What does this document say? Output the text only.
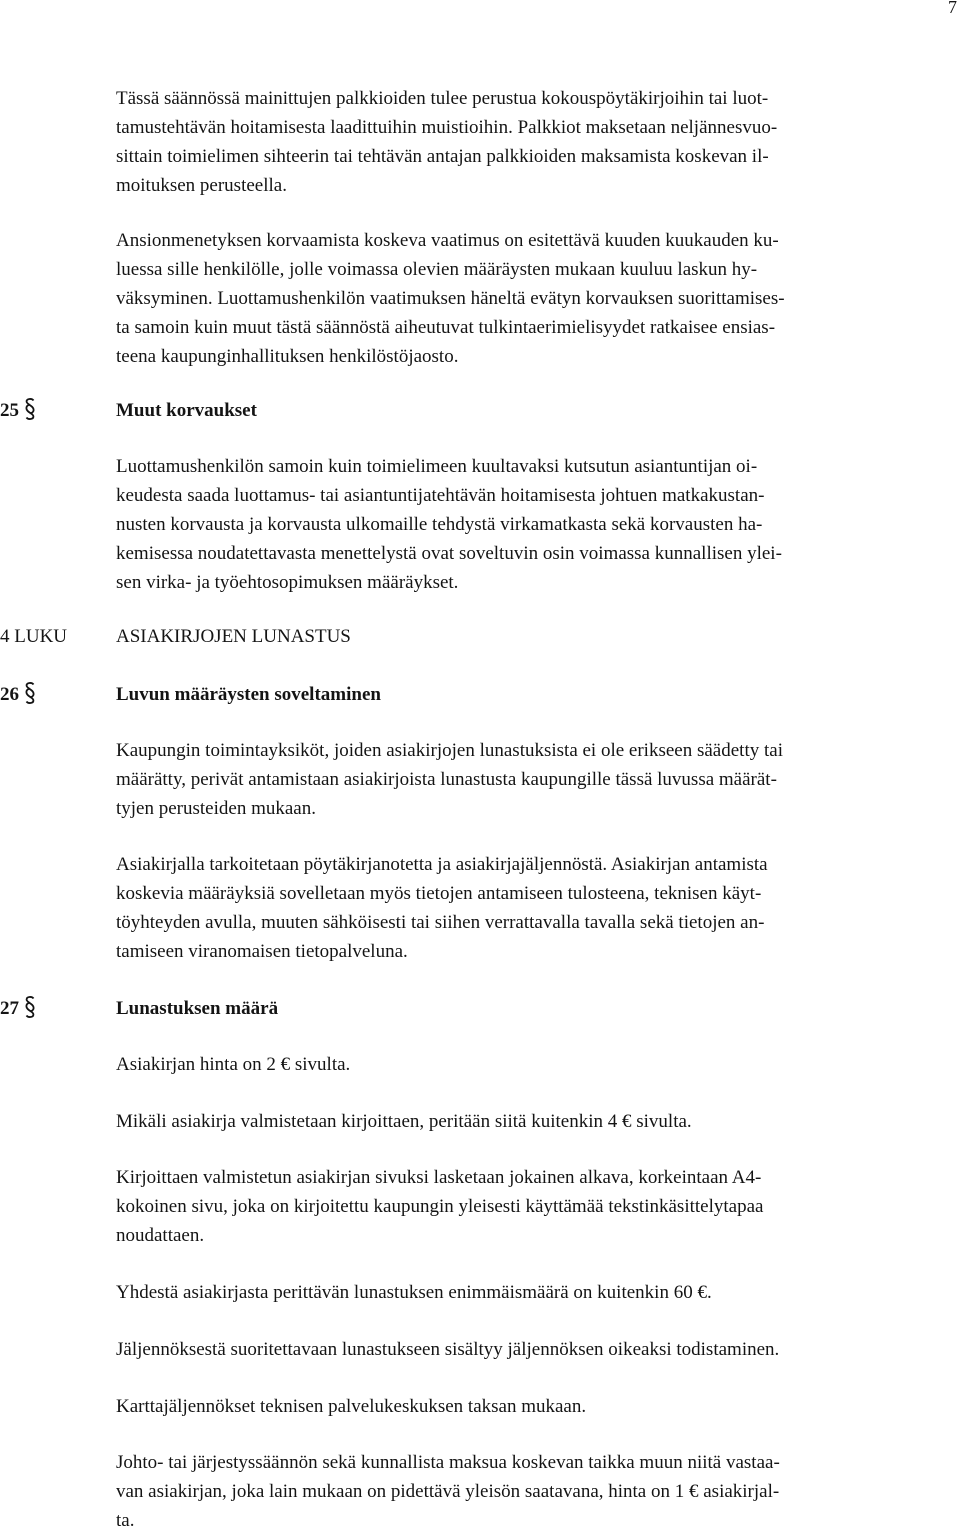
7
Tässä säännössä mainittujen palkkioiden tulee perustua kokouspöytäkirjoihin tai luot-
tamustehtävän hoitamisesta laadittuihin muistioihin. Palkkiot maksetaan neljännesvuo-
sittain toimielimen sihteerin tai tehtävän antajan palkkioiden maksamista koskevan il-
moituksen perusteella.
Ansionmenetyksen korvaamista koskeva vaatimus on esitettävä kuuden kuukauden ku-
luessa sille henkilölle, jolle voimassa olevien määräysten mukaan kuuluu laskun hy-
väksyminen. Luottamushenkilön vaatimuksen häneltä evätyn korvauksen suorittamises-
ta samoin kuin muut tästä säännöstä aiheutuvat tulkintaerimielisyydet ratkaisee ensias-
teena kaupunginhallituksen henkilöstöjaosto.
25	Muut korvaukset
Luottamushenkilön samoin kuin toimielimeen kuultavaksi kutsutun asiantuntijan oi-
keudesta saada luottamus- tai asiantuntijatehtävän hoitamisesta johtuen matkakustan-
nusten korvausta ja korvausta ulkomaille tehdystä virkamatkasta sekä korvausten ha-
kemisessa noudatettavasta menettelystä ovat soveltuvin osin voimassa kunnallisen ylei-
sen virka- ja työehtosopimuksen määräykset.
4 LUKU	ASIAKIRJOJEN LUNASTUS
26	Luvun määräysten soveltaminen
Kaupungin toimintayksiköt, joiden asiakirjojen lunastuksista ei ole erikseen säädetty tai
määrätty, perivät antamistaan asiakirjoista lunastusta kaupungille tässä luvussa määrät-
tyjen perusteiden mukaan.
Asiakirjalla tarkoitetaan pöytäkirjanotetta ja asiakirjajäljennöstä. Asiakirjan antamista
koskevia määräyksiä sovelletaan myös tietojen antamiseen tulosteena, teknisen käyt-
töyhteyden avulla, muuten sähköisesti tai siihen verrattavalla tavalla sekä tietojen an-
tamiseen viranomaisen tietopalveluna.
27	Lunastuksen määrä
Asiakirjan hinta on 2 € sivulta.
Mikäli asiakirja valmistetaan kirjoittaen, peritään siitä kuitenkin 4 € sivulta.
Kirjoittaen valmistetun asiakirjan sivuksi lasketaan jokainen alkava, korkeintaan A4-
kokoinen sivu, joka on kirjoitettu kaupungin yleisesti käyttämää tekstinkäsittelytapaa
noudattaen.
Yhdestä asiakirjasta perittävän lunastuksen enimmäismäärä on kuitenkin 60 €.
Jäljennöksestä suoritettavaan lunastukseen sisältyy jäljennöksen oikeaksi todistaminen.
Karttajäljennökset teknisen palvelukeskuksen taksan mukaan.
Johto- tai järjestyssäännön sekä kunnallista maksua koskevan taikka muun niitä vastaa-
van asiakirjan, joka lain mukaan on pidettävä yleisön saatavana, hinta on 1 € asiakirjal-
ta.
